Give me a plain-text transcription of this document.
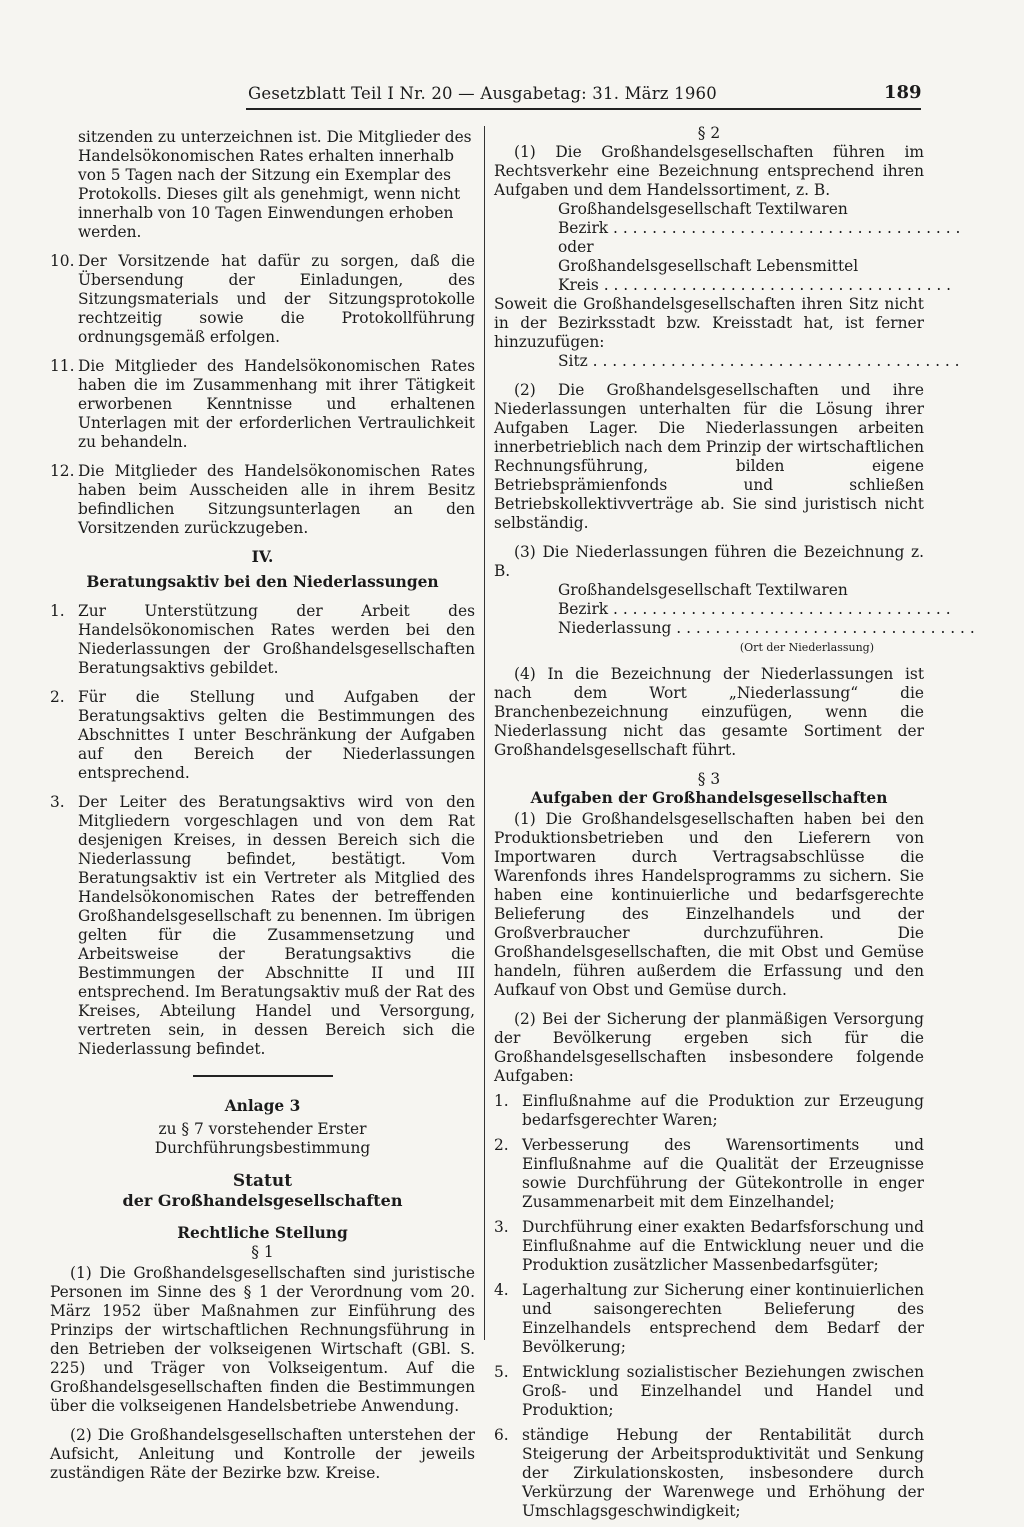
Gesetzblatt Teil I Nr. 20 — Ausgabetag: 31. März 1960	189
sitzenden zu unterzeichnen ist. Die Mitglieder des Handelsökonomischen Rates erhalten innerhalb von 5 Tagen nach der Sitzung ein Exemplar des Protokolls. Dieses gilt als genehmigt, wenn nicht innerhalb von 10 Tagen Einwendungen erhoben werden.
10. Der Vorsitzende hat dafür zu sorgen, daß die Übersendung der Einladungen, des Sitzungsmaterials und der Sitzungsprotokolle rechtzeitig sowie die Protokollführung ordnungsgemäß erfolgen.
11. Die Mitglieder des Handelsökonomischen Rates haben die im Zusammenhang mit ihrer Tätigkeit erworbenen Kenntnisse und erhaltenen Unterlagen mit der erforderlichen Vertraulichkeit zu behandeln.
12. Die Mitglieder des Handelsökonomischen Rates haben beim Ausscheiden alle in ihrem Besitz befindlichen Sitzungsunterlagen an den Vorsitzenden zurückzugeben.
IV.
Beratungsaktiv bei den Niederlassungen
1. Zur Unterstützung der Arbeit des Handelsökonomischen Rates werden bei den Niederlassungen der Großhandelsgesellschaften Beratungsaktivs gebildet.
2. Für die Stellung und Aufgaben der Beratungsaktivs gelten die Bestimmungen des Abschnittes I unter Beschränkung der Aufgaben auf den Bereich der Niederlassungen entsprechend.
3. Der Leiter des Beratungsaktivs wird von den Mitgliedern vorgeschlagen und von dem Rat desjenigen Kreises, in dessen Bereich sich die Niederlassung befindet, bestätigt. Vom Beratungsaktiv ist ein Vertreter als Mitglied des Handelsökonomischen Rates der betreffenden Großhandelsgesellschaft zu benennen. Im übrigen gelten für die Zusammensetzung und Arbeitsweise der Beratungsaktivs die Bestimmungen der Abschnitte II und III entsprechend. Im Beratungsaktiv muß der Rat des Kreises, Abteilung Handel und Versorgung, vertreten sein, in dessen Bereich sich die Niederlassung befindet.
Anlage 3
zu § 7 vorstehender Erster Durchführungsbestimmung
Statut
der Großhandelsgesellschaften
Rechtliche Stellung
§ 1

(1) Die Großhandelsgesellschaften sind juristische Personen im Sinne des § 1 der Verordnung vom 20. März 1952 über Maßnahmen zur Einführung des Prinzips der wirtschaftlichen Rechnungsführung in den Betrieben der volkseigenen Wirtschaft (GBl. S. 225) und Träger von Volkseigentum. Auf die Großhandelsgesellschaften finden die Bestimmungen über die volkseigenen Handelsbetriebe Anwendung.

(2) Die Großhandelsgesellschaften unterstehen der Aufsicht, Anleitung und Kontrolle der jeweils zuständigen Räte der Bezirke bzw. Kreise.

§ 2

(1) Die Großhandelsgesellschaften führen im Rechtsverkehr eine Bezeichnung entsprechend ihren Aufgaben und dem Handelssortiment, z. B.

Großhandelsgesellschaft Textilwaren
Bezirk . . . . . . . . . . . . . . . . . . . . . . . . . . . . . . . . . . . .
oder
Großhandelsgesellschaft Lebensmittel
Kreis . . . . . . . . . . . . . . . . . . . . . . . . . . . . . . . . . . . .

Soweit die Großhandelsgesellschaften ihren Sitz nicht in der Bezirksstadt bzw. Kreisstadt hat, ist ferner hinzuzufügen:

Sitz . . . . . . . . . . . . . . . . . . . . . . . . . . . . . . . . . . . . . .

(2) Die Großhandelsgesellschaften und ihre Niederlassungen unterhalten für die Lösung ihrer Aufgaben Lager. Die Niederlassungen arbeiten innerbetrieblich nach dem Prinzip der wirtschaftlichen Rechnungsführung, bilden eigene Betriebsprämienfonds und schließen Betriebskollektivverträge ab. Sie sind juristisch nicht selbständig.

(3) Die Niederlassungen führen die Bezeichnung z. B.

Großhandelsgesellschaft Textilwaren
Bezirk . . . . . . . . . . . . . . . . . . . . . . . . . . . . . . . . . . .
Niederlassung . . . . . . . . . . . . . . . . . . . . . . . . . . . . . . .
(Ort der Niederlassung)

(4) In die Bezeichnung der Niederlassungen ist nach dem Wort „Niederlassung“ die Branchenbezeichnung einzufügen, wenn die Niederlassung nicht das gesamte Sortiment der Großhandelsgesellschaft führt.

§ 3
Aufgaben der Großhandelsgesellschaften

(1) Die Großhandelsgesellschaften haben bei den Produktionsbetrieben und den Lieferern von Importwaren durch Vertragsabschlüsse die Warenfonds ihres Handelsprogramms zu sichern. Sie haben eine kontinuierliche und bedarfsgerechte Belieferung des Einzelhandels und der Großverbraucher durchzuführen. Die Großhandelsgesellschaften, die mit Obst und Gemüse handeln, führen außerdem die Erfassung und den Aufkauf von Obst und Gemüse durch.

(2) Bei der Sicherung der planmäßigen Versorgung der Bevölkerung ergeben sich für die Großhandelsgesellschaften insbesondere folgende Aufgaben:

1. Einflußnahme auf die Produktion zur Erzeugung bedarfsgerechter Waren;
2. Verbesserung des Warensortiments und Einflußnahme auf die Qualität der Erzeugnisse sowie Durchführung der Gütekontrolle in enger Zusammenarbeit mit dem Einzelhandel;
3. Durchführung einer exakten Bedarfsforschung und Einflußnahme auf die Entwicklung neuer und die Produktion zusätzlicher Massenbedarfsgüter;
4. Lagerhaltung zur Sicherung einer kontinuierlichen und saisongerechten Belieferung des Einzelhandels entsprechend dem Bedarf der Bevölkerung;
5. Entwicklung sozialistischer Beziehungen zwischen Groß- und Einzelhandel und Handel und Produktion;
6. ständige Hebung der Rentabilität durch Steigerung der Arbeitsproduktivität und Senkung der Zirkulationskosten, insbesondere durch Verkürzung der Warenwege und Erhöhung der Umschlagsgeschwindigkeit;
